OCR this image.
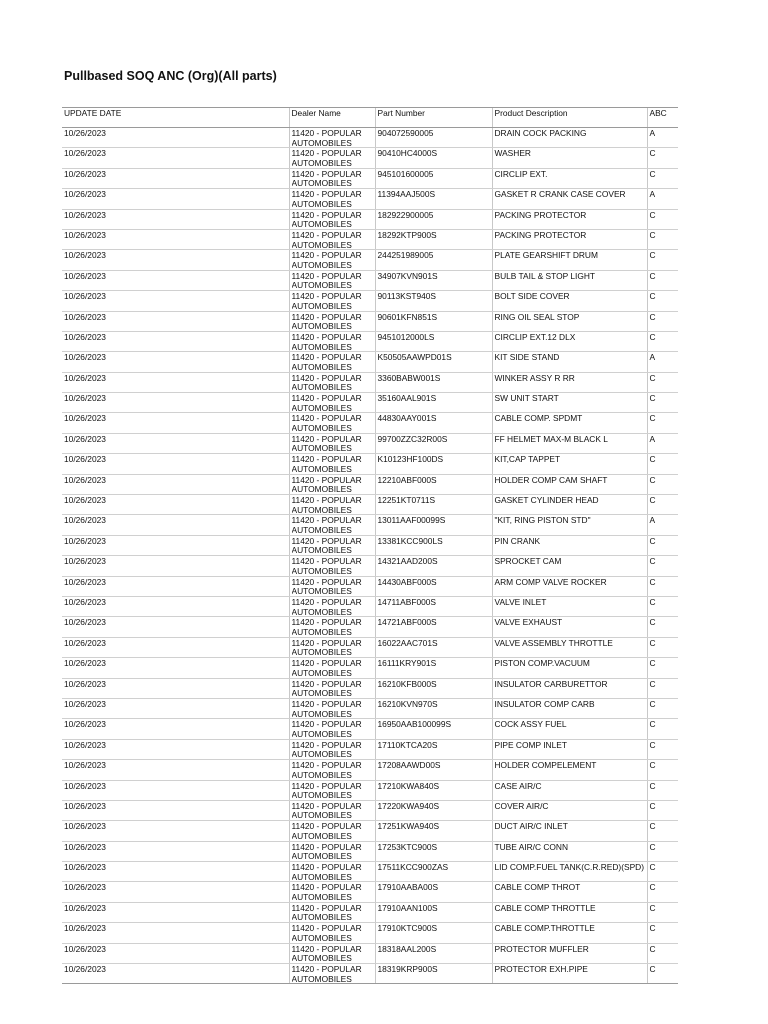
Pullbased SOQ ANC (Org)(All parts)
UPDATE DATE	Dealer Name	Part Number	Product Description	ABC
10/26/2023	11420 - POPULAR AUTOMOBILES	904072590005	DRAIN COCK PACKING	A
10/26/2023	11420 - POPULAR AUTOMOBILES	90410HC4000S	WASHER	C
10/26/2023	11420 - POPULAR AUTOMOBILES	945101600005	CIRCLIP EXT.	C
10/26/2023	11420 - POPULAR AUTOMOBILES	11394AAJ500S	GASKET R CRANK CASE COVER	A
10/26/2023	11420 - POPULAR AUTOMOBILES	182922900005	PACKING PROTECTOR	C
10/26/2023	11420 - POPULAR AUTOMOBILES	18292KTP900S	PACKING PROTECTOR	C
10/26/2023	11420 - POPULAR AUTOMOBILES	244251989005	PLATE GEARSHIFT DRUM	C
10/26/2023	11420 - POPULAR AUTOMOBILES	34907KVN901S	BULB TAIL & STOP LIGHT	C
10/26/2023	11420 - POPULAR AUTOMOBILES	90113KST940S	BOLT SIDE COVER	C
10/26/2023	11420 - POPULAR AUTOMOBILES	90601KFN851S	RING OIL SEAL STOP	C
10/26/2023	11420 - POPULAR AUTOMOBILES	9451012000LS	CIRCLIP EXT.12 DLX	C
10/26/2023	11420 - POPULAR AUTOMOBILES	K50505AAWPD01S	KIT SIDE STAND	A
10/26/2023	11420 - POPULAR AUTOMOBILES	3360BABW001S	WINKER ASSY R RR	C
10/26/2023	11420 - POPULAR AUTOMOBILES	35160AAL901S	SW UNIT START	C
10/26/2023	11420 - POPULAR AUTOMOBILES	44830AAY001S	CABLE COMP. SPDMT	C
10/26/2023	11420 - POPULAR AUTOMOBILES	99700ZZC32R00S	FF HELMET MAX-M BLACK L	A
10/26/2023	11420 - POPULAR AUTOMOBILES	K10123HF100DS	KIT,CAP TAPPET	C
10/26/2023	11420 - POPULAR AUTOMOBILES	12210ABF000S	HOLDER COMP CAM SHAFT	C
10/26/2023	11420 - POPULAR AUTOMOBILES	12251KT0711S	GASKET CYLINDER HEAD	C
10/26/2023	11420 - POPULAR AUTOMOBILES	13011AAF00099S	"KIT, RING PISTON STD"	A
10/26/2023	11420 - POPULAR AUTOMOBILES	13381KCC900LS	PIN CRANK	C
10/26/2023	11420 - POPULAR AUTOMOBILES	14321AAD200S	SPROCKET CAM	C
10/26/2023	11420 - POPULAR AUTOMOBILES	14430ABF000S	ARM COMP VALVE ROCKER	C
10/26/2023	11420 - POPULAR AUTOMOBILES	14711ABF000S	VALVE INLET	C
10/26/2023	11420 - POPULAR AUTOMOBILES	14721ABF000S	VALVE EXHAUST	C
10/26/2023	11420 - POPULAR AUTOMOBILES	16022AAC701S	VALVE ASSEMBLY THROTTLE	C
10/26/2023	11420 - POPULAR AUTOMOBILES	16111KRY901S	PISTON COMP.VACUUM	C
10/26/2023	11420 - POPULAR AUTOMOBILES	16210KFB000S	INSULATOR CARBURETTOR	C
10/26/2023	11420 - POPULAR AUTOMOBILES	16210KVN970S	INSULATOR COMP CARB	C
10/26/2023	11420 - POPULAR AUTOMOBILES	16950AAB100099S	COCK ASSY FUEL	C
10/26/2023	11420 - POPULAR AUTOMOBILES	17110KTCA20S	PIPE COMP INLET	C
10/26/2023	11420 - POPULAR AUTOMOBILES	17208AAWD00S	HOLDER COMPELEMENT	C
10/26/2023	11420 - POPULAR AUTOMOBILES	17210KWA840S	CASE AIR/C	C
10/26/2023	11420 - POPULAR AUTOMOBILES	17220KWA940S	COVER AIR/C	C
10/26/2023	11420 - POPULAR AUTOMOBILES	17251KWA940S	DUCT AIR/C INLET	C
10/26/2023	11420 - POPULAR AUTOMOBILES	17253KTC900S	TUBE AIR/C CONN	C
10/26/2023	11420 - POPULAR AUTOMOBILES	17511KCC900ZAS	LID COMP.FUEL TANK(C.R.RED)(SPD)	C
10/26/2023	11420 - POPULAR AUTOMOBILES	17910AABA00S	CABLE COMP THROT	C
10/26/2023	11420 - POPULAR AUTOMOBILES	17910AAN100S	CABLE COMP THROTTLE	C
10/26/2023	11420 - POPULAR AUTOMOBILES	17910KTC900S	CABLE COMP.THROTTLE	C
10/26/2023	11420 - POPULAR AUTOMOBILES	18318AAL200S	PROTECTOR MUFFLER	C
10/26/2023	11420 - POPULAR AUTOMOBILES	18319KRP900S	PROTECTOR EXH.PIPE	C
